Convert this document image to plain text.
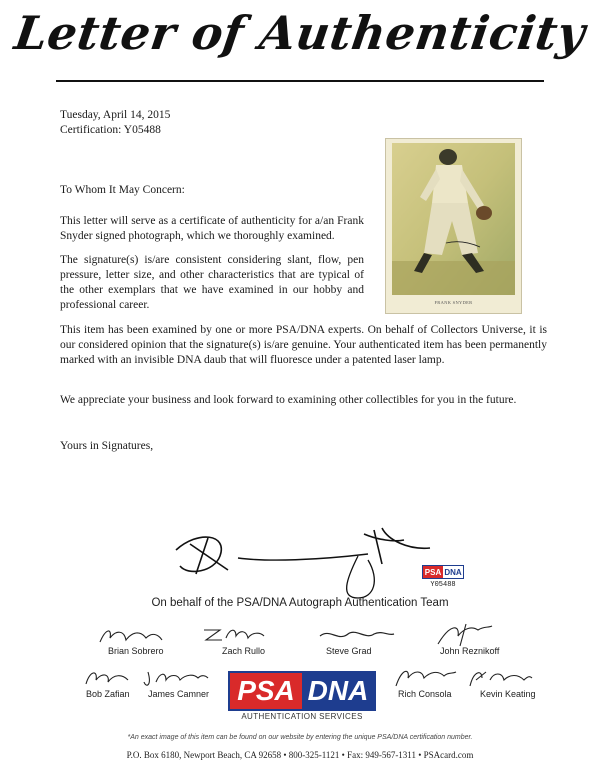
Letter of Authenticity
Tuesday, April 14, 2015
Certification: Y05488
FRANK SNYDER
To Whom It May Concern:
This letter will serve as a certificate of authenticity for a/an Frank Snyder signed photograph, which we thoroughly examined.
The signature(s) is/are consistent considering slant, flow, pen pressure, letter size, and other characteristics that are typical of the other exemplars that we have examined in our hobby and professional career.
This item has been examined by one or more PSA/DNA experts. On behalf of Collectors Universe, it is our considered opinion that the signature(s) is/are genuine. Your authenticated item has been permanently marked with an invisible DNA daub that will fluoresce under a patented laser lamp.
We appreciate your business and look forward to examining other collectibles for you in the future.
Yours in Signatures,
PSA DNA
Y05488
On behalf of the PSA/DNA Autograph Authentication Team
Brian Sobrero	Zach Rullo	Steve Grad	John Reznikoff
Bob Zafian James Camner	Rich Consola	Kevin Keating
PSA DNA
AUTHENTICATION SERVICES
*An exact image of this item can be found on our website by entering the unique PSA/DNA certification number.
P.O. Box 6180, Newport Beach, CA 92658 • 800-325-1121 • Fax: 949-567-1311 • PSAcard.com
